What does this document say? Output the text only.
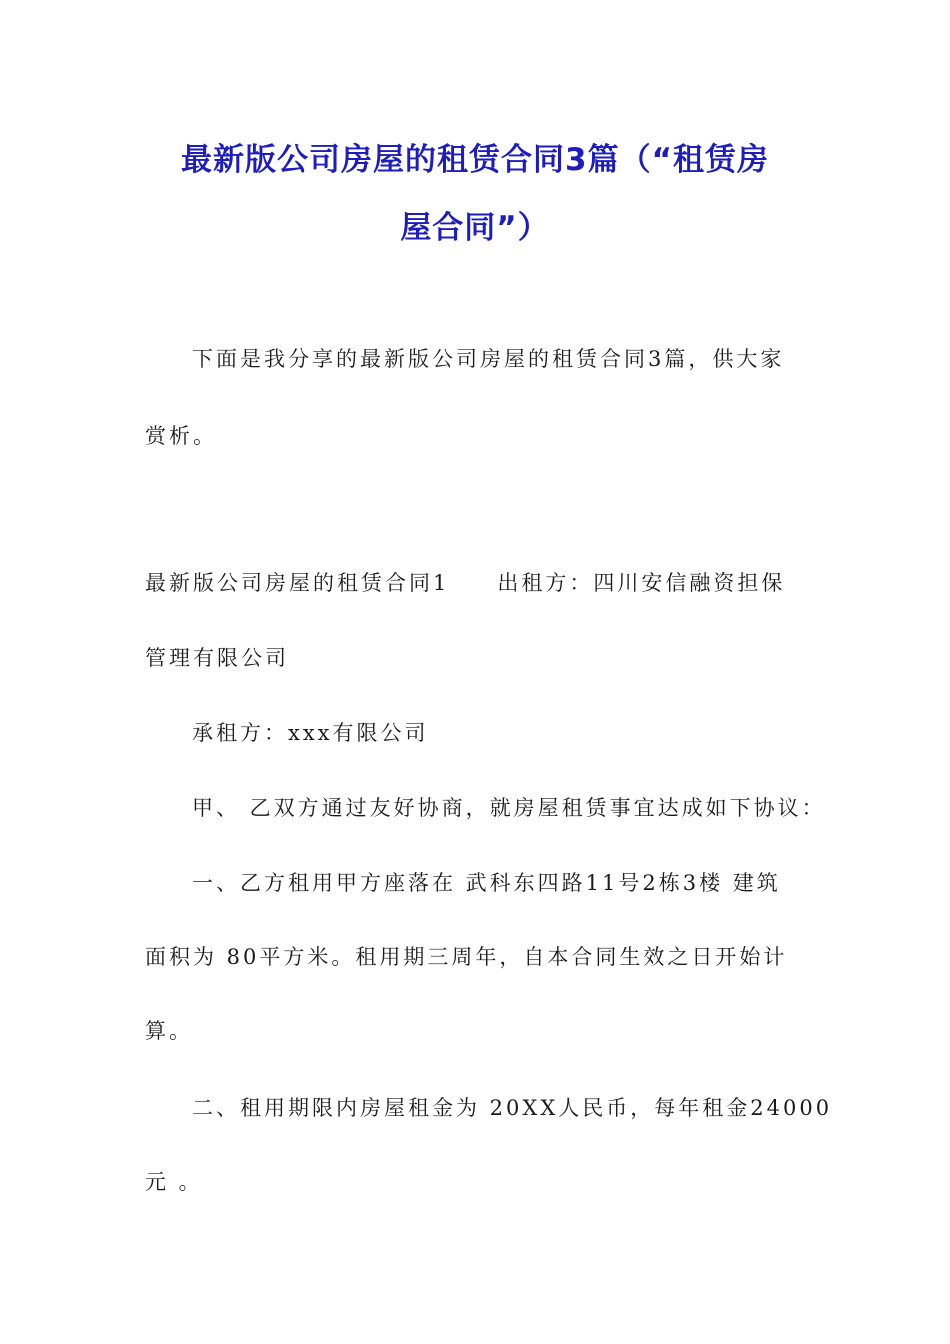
最新版公司房屋的租赁合同3篇（“租赁房
屋合同”）
下面是我分享的最新版公司房屋的租赁合同3篇，供大家
赏析。
最新版公司房屋的租赁合同1　　出租方：四川安信融资担保
管理有限公司
承租方：xxx有限公司
甲、 乙双方通过友好协商，就房屋租赁事宜达成如下协议：
一、乙方租用甲方座落在 武科东四路11号2栋3楼 建筑
面积为 80平方米。租用期三周年，自本合同生效之日开始计
算。
二、租用期限内房屋租金为 20XX人民币，每年租金24000
元 。
